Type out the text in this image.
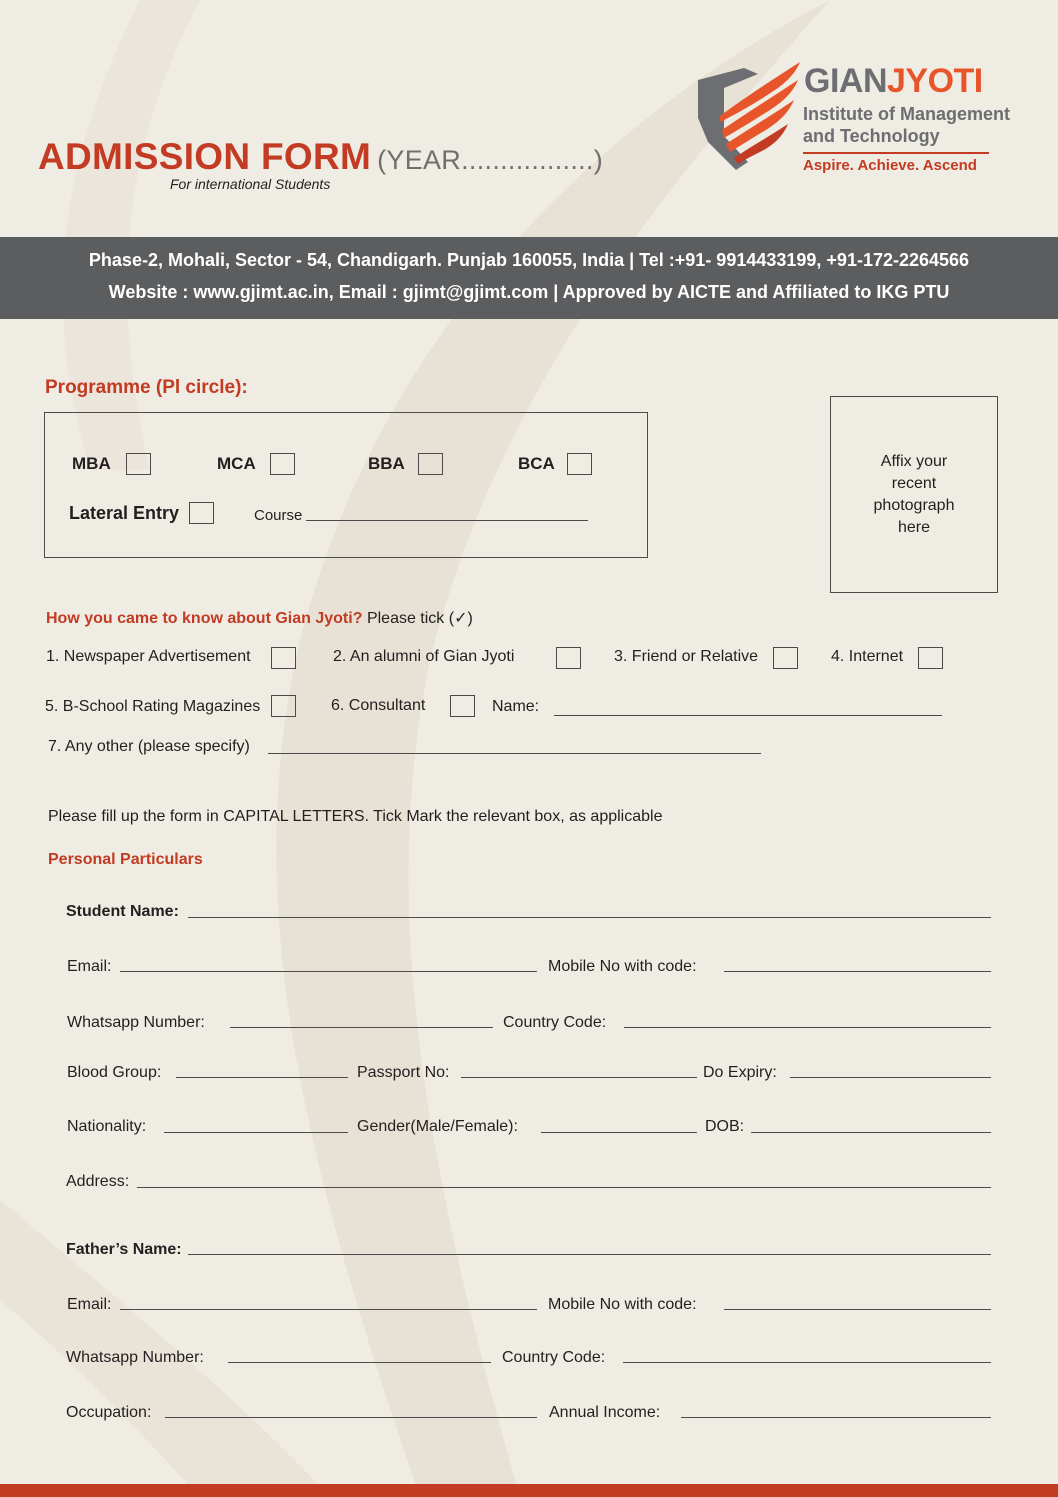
ADMISSION FORM (YEAR.................)
For international Students
GIANJYOTI
Institute of Management
and Technology
Aspire. Achieve. Ascend
Phase-2, Mohali, Sector - 54, Chandigarh. Punjab 160055, India | Tel :+91- 9914433199, +91-172-2264566
Website : www.gjimt.ac.in, Email : gjimt@gjimt.com | Approved by AICTE and Affiliated to IKG PTU
Programme (Pl circle):
MBA	MCA	BBA	BCA
Lateral Entry	Course
Affix your
recent
photograph
here
How you came to know about Gian Jyoti? Please tick (✓)
1. Newspaper Advertisement	2. An alumni of Gian Jyoti	3. Friend or Relative	4. Internet
5. B-School Rating Magazines	6. Consultant	Name:
7. Any other (please specify)
Please fill up the form in CAPITAL LETTERS. Tick Mark the relevant box, as applicable
Personal Particulars
Student Name:
Email:	Mobile No with code:
Whatsapp Number:	Country Code:
Blood Group:	Passport No:	Do Expiry:
Nationality:	Gender(Male/Female):	DOB:
Address:
Father’s Name:
Email:	Mobile No with code:
Whatsapp Number:	Country Code:
Occupation:	Annual Income:
